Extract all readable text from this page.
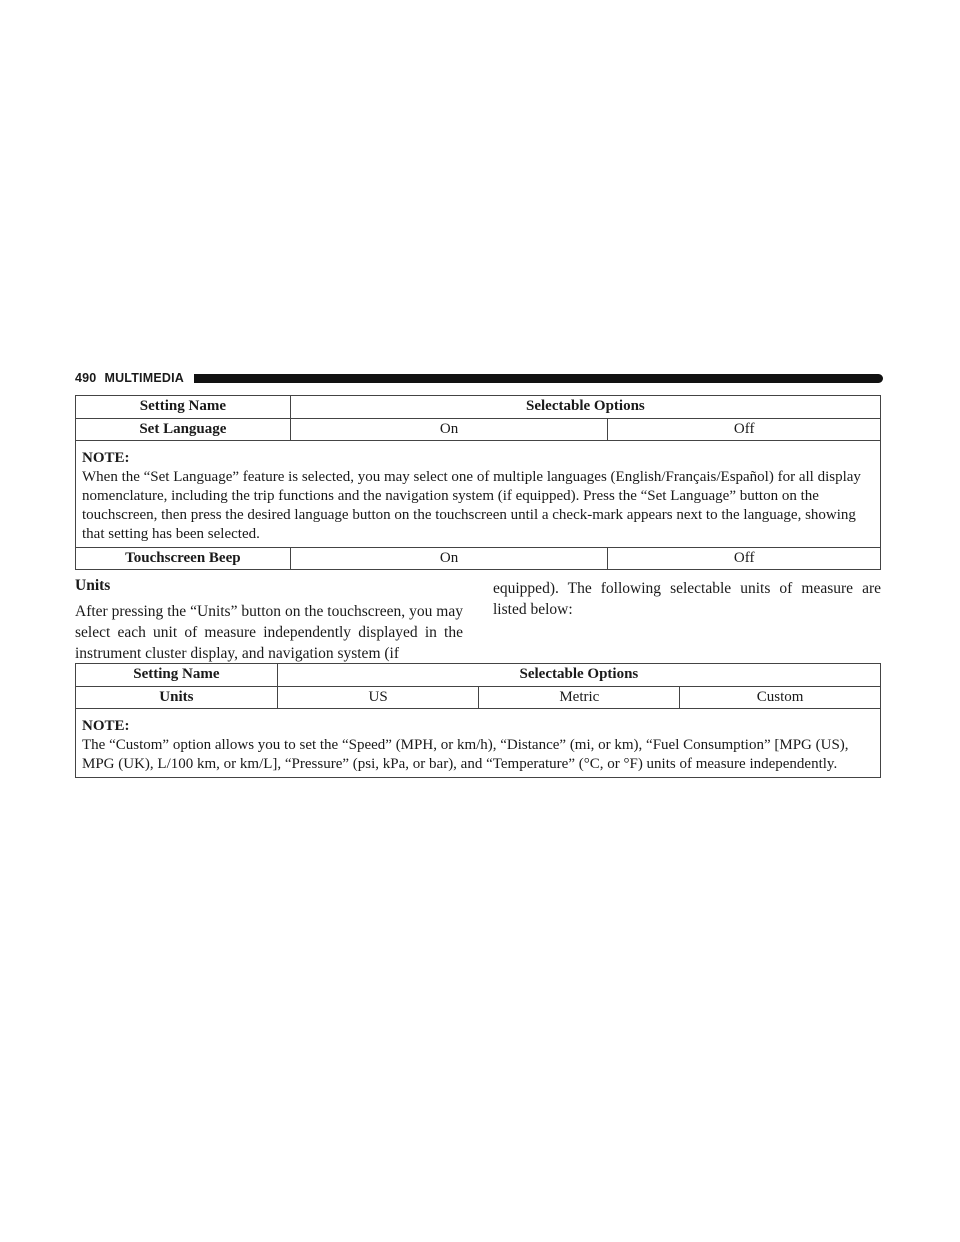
490 MULTIMEDIA
Setting Name	Selectable Options	
Set Language	On	Off

NOTE:
When the “Set Language” feature is selected, you may select one of multiple languages (English/Français/Español) for all display nomenclature, including the trip functions and the navigation system (if equipped). Press the “Set Language” button on the touchscreen, then press the desired language button on the touchscreen until a check-mark appears next to the language, showing that setting has been selected.		

Touchscreen Beep	On	Off
Units
After pressing the “Units” button on the touchscreen, you may select each unit of measure independently displayed in the instrument cluster display, and navigation system (if
equipped). The following selectable units of measure are listed below:
Setting Name	Selectable Options		
Units	US	Metric	Custom

NOTE:
The “Custom” option allows you to set the “Speed” (MPH, or km/h), “Distance” (mi, or km), “Fuel Consumption” [MPG (US), MPG (UK), L/100 km, or km/L], “Pressure” (psi, kPa, or bar), and “Temperature” (°C, or °F) units of measure independently.			
